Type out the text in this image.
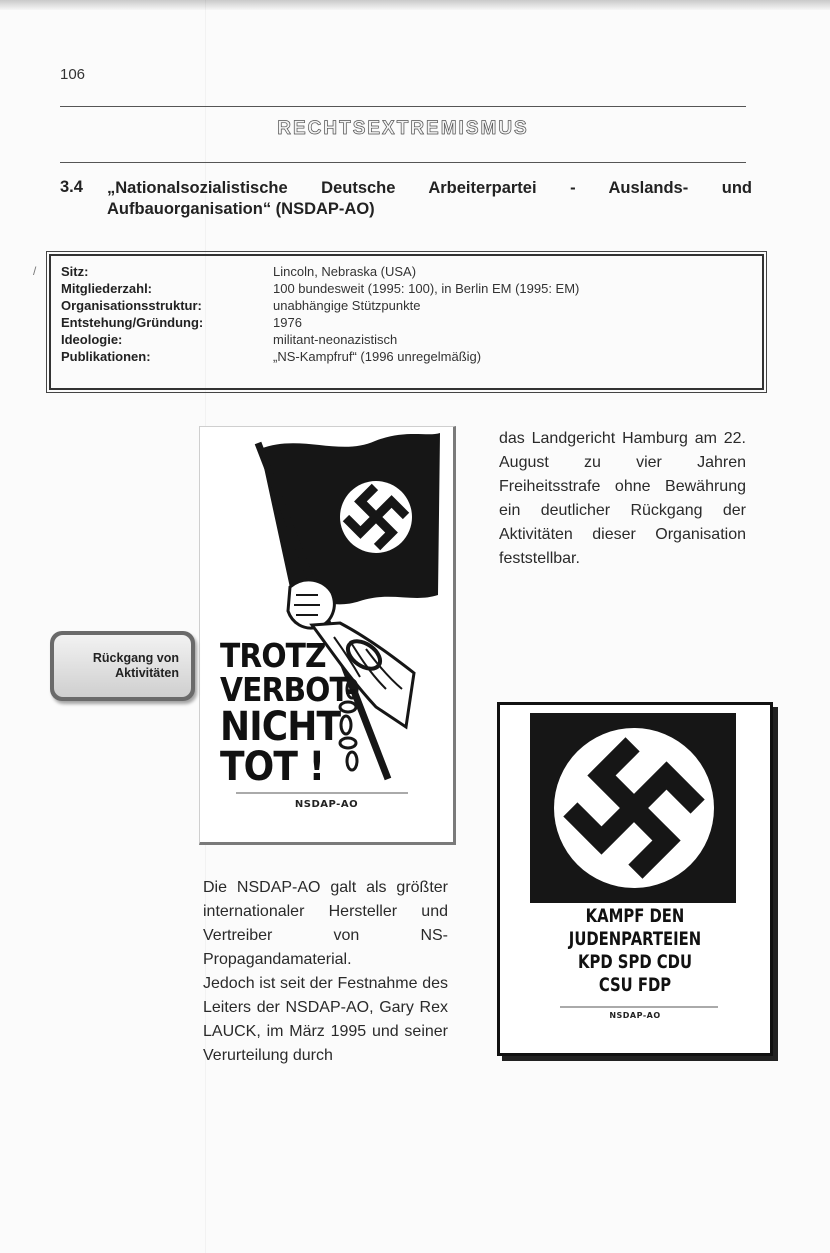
106
RECHTSEXTREMISMUS
3.4 „Nationalsozialistische Deutsche Arbeiterpartei - Auslands- und Aufbauorganisation“ (NSDAP-AO)
/ Sitz:	Lincoln, Nebraska (USA)
Mitgliederzahl:	100 bundesweit (1995: 100), in Berlin EM (1995: EM)
Organisationsstruktur:	unabhängige Stützpunkte
Entstehung/Gründung:	1976
Ideologie:	militant-neonazistisch
Publikationen:	„NS-Kampfruf“ (1996 unregelmäßig)
TROTZ
VERBOT-
NICHT
TOT !
NSDAP-AO
Rückgang von
Aktivitäten
KAMPF DEN
JUDENPARTEIEN
KPD SPD CDU
CSU FDP
NSDAP-AO

das Landgericht Hamburg am 22. August zu vier Jahren Freiheitsstrafe ohne Bewährung ein deutlicher Rückgang der Aktivitäten dieser Organisation feststellbar.

Die NSDAP-AO galt als größter internationaler Hersteller und Vertreiber von NS-Propagandamaterial.

Jedoch ist seit der Festnahme des Leiters der NSDAP-AO, Gary Rex LAUCK, im März 1995 und seiner Verurteilung durch
